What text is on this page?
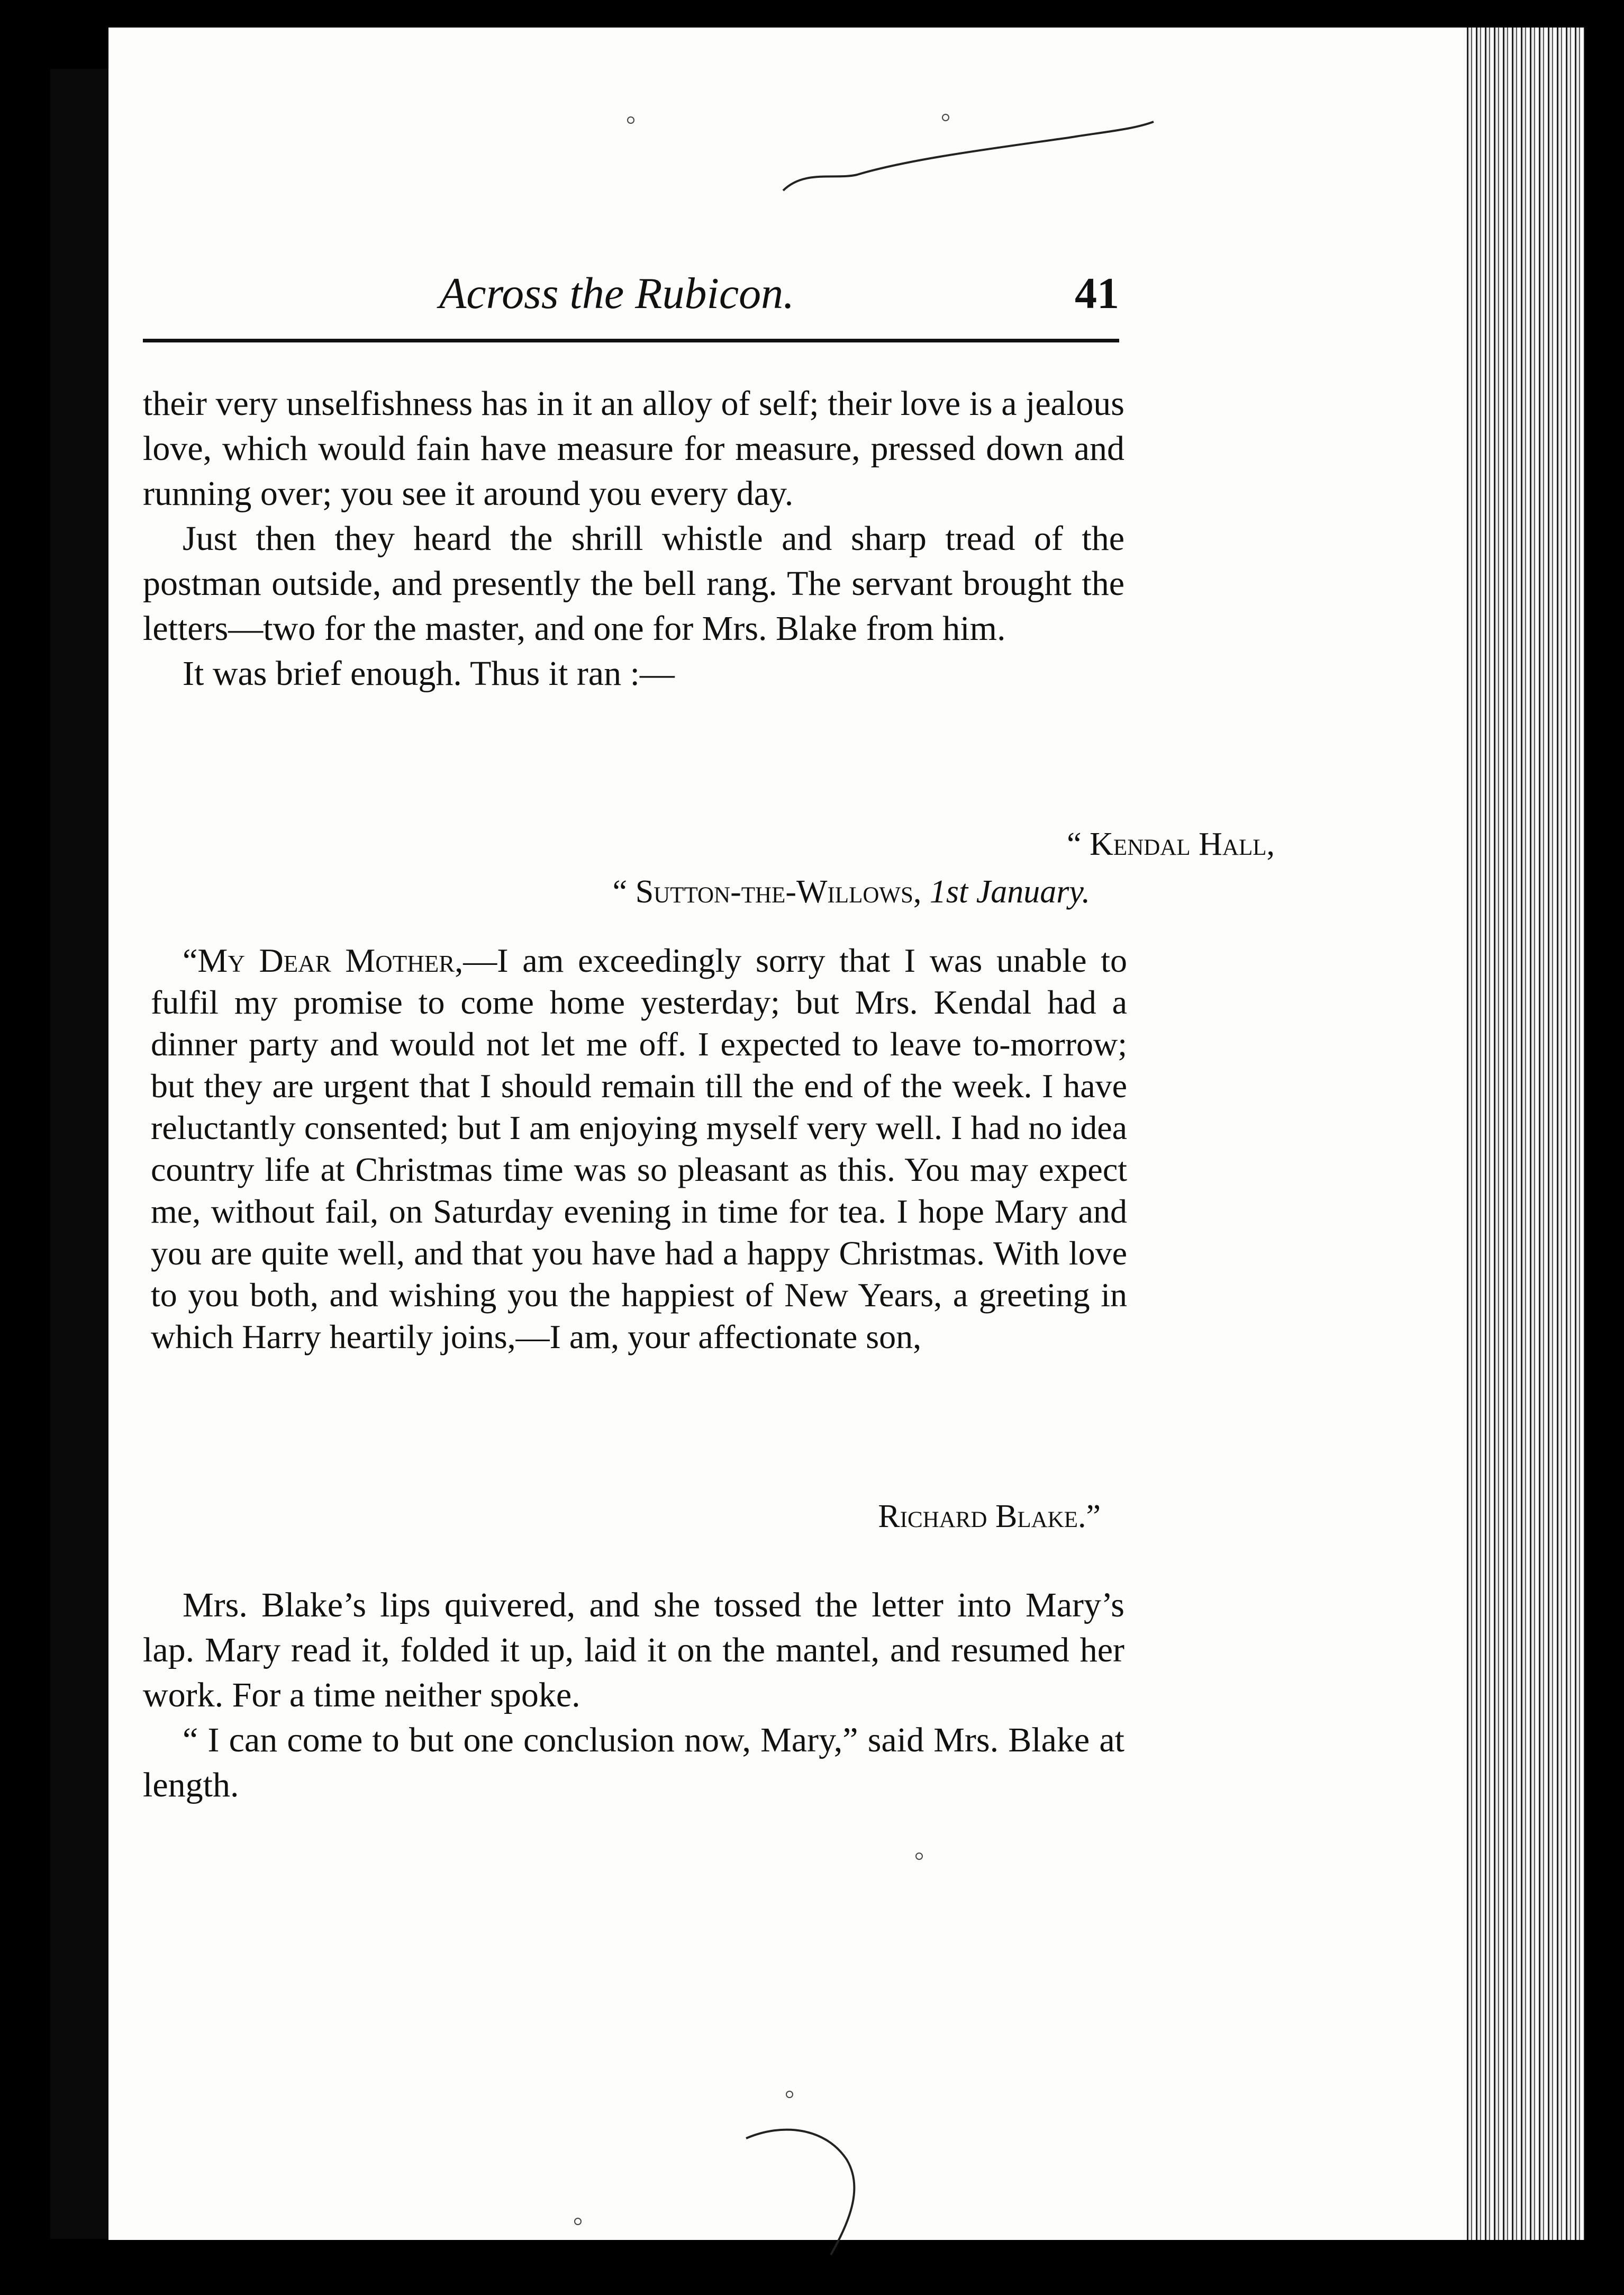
Across the Rubicon.	41

their very unselfishness has in it an alloy of self; their love is a jealous love, which would fain have measure for measure, pressed down and running over; you see it around you every day.

Just then they heard the shrill whistle and sharp tread of the postman outside, and presently the bell rang. The servant brought the letters—two for the master, and one for Mrs. Blake from him.

It was brief enough. Thus it ran :—

“ Kendal Hall,
“ Sutton-the-Willows, 1st January.

“My Dear Mother,—I am exceedingly sorry that I was unable to fulfil my promise to come home yesterday; but Mrs. Kendal had a dinner party and would not let me off. I expected to leave to-morrow; but they are urgent that I should remain till the end of the week. I have reluctantly consented; but I am enjoying myself very well. I had no idea country life at Christmas time was so pleasant as this. You may expect me, without fail, on Saturday evening in time for tea. I hope Mary and you are quite well, and that you have had a happy Christmas. With love to you both, and wishing you the happiest of New Years, a greeting in which Harry heartily joins,—I am, your affectionate son,

Richard Blake.”

Mrs. Blake’s lips quivered, and she tossed the letter into Mary’s lap. Mary read it, folded it up, laid it on the mantel, and resumed her work. For a time neither spoke.

“ I can come to but one conclusion now, Mary,” said Mrs. Blake at length.
